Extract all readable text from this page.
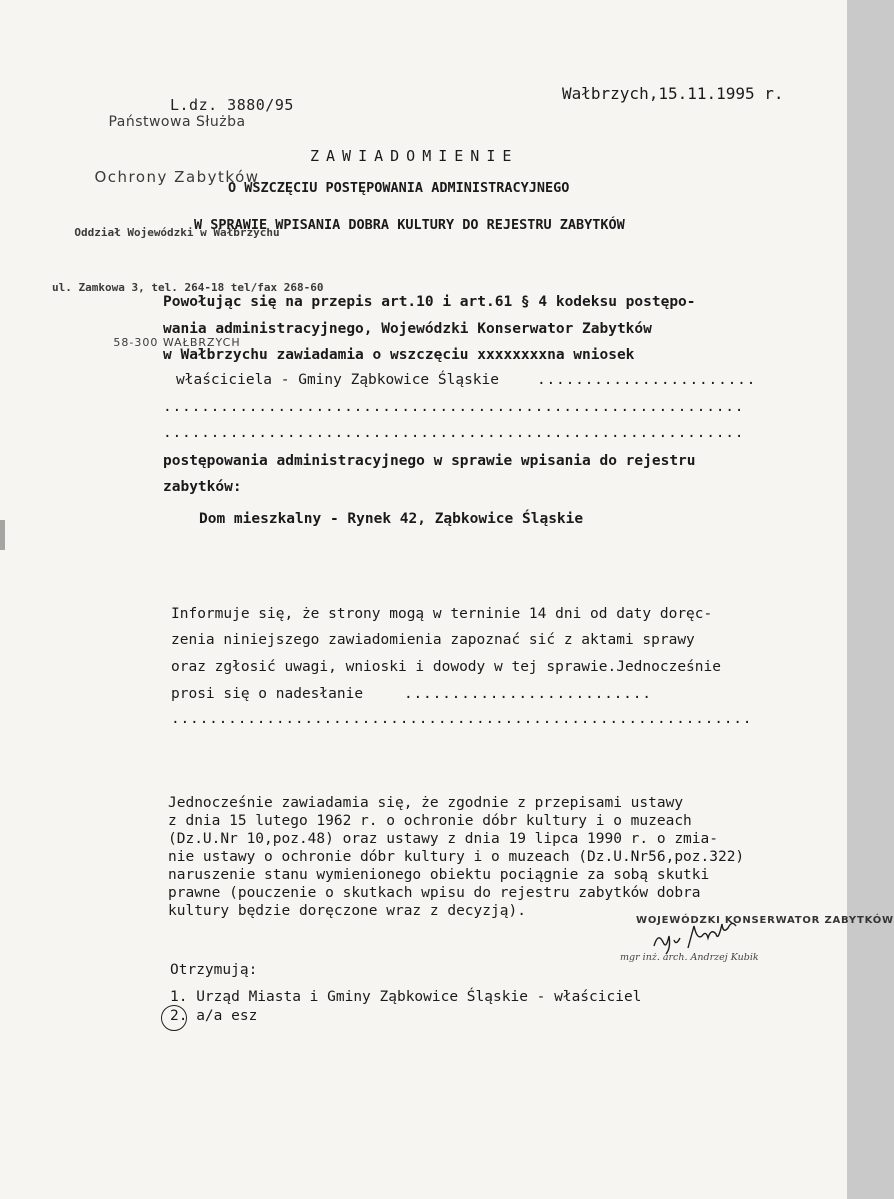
Państwowa Służba

Ochrony Zabytków

Oddział Wojewódzki w Wałbrzychu

ul. Zamkowa 3, tel. 264-18 tel/fax 268-60

58-300 WAŁBRZYCH

L.dz. 3880/95
Wałbrzych,15.11.1995 r.
ZAWIADOMIENIE
O WSZCZĘCIU POSTĘPOWANIA ADMINISTRACYJNEGO
W SPRAWIE WPISANIA DOBRA KULTURY DO REJESTRU ZABYTKÓW
Powołując się na przepis art.10 i art.61 § 4 kodeksu postępo-
wania administracyjnego, Wojewódzki Konserwator Zabytków
w Wałbrzychu zawiadamia o wszczęciu xxxxxxxxna wniosek
właściciela - Gminy Ząbkowice Śląskie	.......................
.............................................................
.............................................................
postępowania administracyjnego w sprawie wpisania do rejestru
zabytków:
Dom mieszkalny - Rynek 42, Ząbkowice Śląskie
Informuje się, że strony mogą w terninie 14 dni od daty doręc-
zenia niniejszego zawiadomienia zapoznać sić z aktami sprawy
oraz zgłosić uwagi, wnioski i dowody w tej sprawie.Jednocześnie
prosi się o nadesłanie	..........................
.............................................................
Jednocześnie zawiadamia się, że zgodnie z przepisami ustawy
z dnia 15 lutego 1962 r. o ochronie dóbr kultury i o muzeach
(Dz.U.Nr 10,poz.48) oraz ustawy z dnia 19 lipca 1990 r. o zmia-
nie ustawy o ochronie dóbr kultury i o muzeach (Dz.U.Nr56,poz.322)
naruszenie stanu wymienionego obiektu pociągnie za sobą skutki
prawne (pouczenie o skutkach wpisu do rejestru zabytków dobra
kultury będzie doręczone wraz z decyzją).
WOJEWÓDZKI KONSERWATOR ZABYTKÓW
mgr inż. arch. Andrzej Kubik
Otrzymują:
1. Urząd Miasta i Gminy Ząbkowice Śląskie - właściciel
2. a/a esz
